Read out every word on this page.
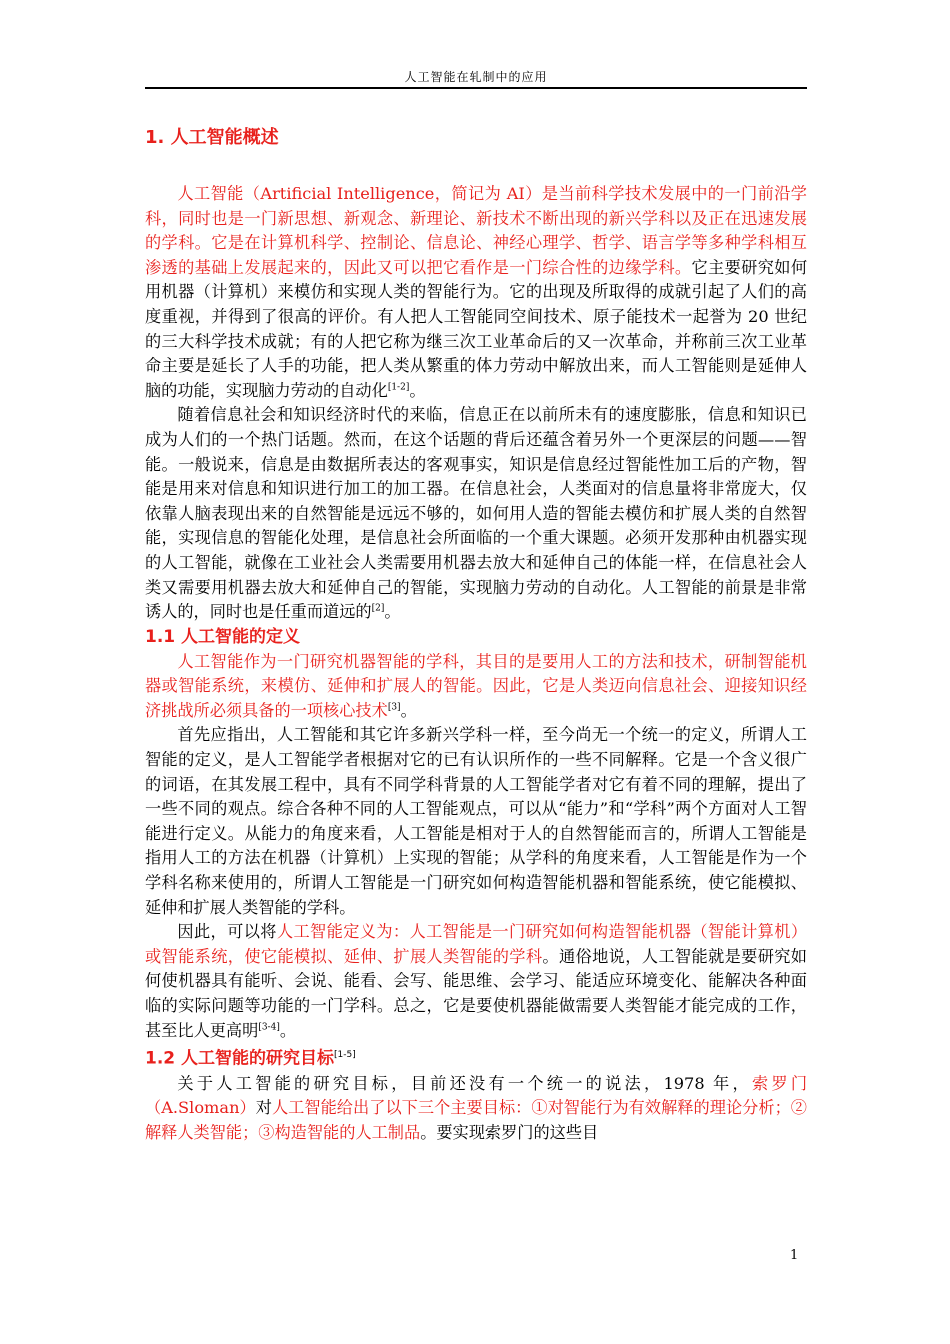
人工智能在轧制中的应用
1. 人工智能概述

人工智能（Artificial Intelligence，简记为 AI）是当前科学技术发展中的一门前沿学科，同时也是一门新思想、新观念、新理论、新技术不断出现的新兴学科以及正在迅速发展的学科。它是在计算机科学、控制论、信息论、神经心理学、哲学、语言学等多种学科相互渗透的基础上发展起来的，因此又可以把它看作是一门综合性的边缘学科。它主要研究如何用机器（计算机）来模仿和实现人类的智能行为。它的出现及所取得的成就引起了人们的高度重视，并得到了很高的评价。有人把人工智能同空间技术、原子能技术一起誉为 20 世纪的三大科学技术成就；有的人把它称为继三次工业革命后的又一次革命，并称前三次工业革命主要是延长了人手的功能，把人类从繁重的体力劳动中解放出来，而人工智能则是延伸人脑的功能，实现脑力劳动的自动化[1-2]。

随着信息社会和知识经济时代的来临，信息正在以前所未有的速度膨胀，信息和知识已成为人们的一个热门话题。然而，在这个话题的背后还蕴含着另外一个更深层的问题——智能。一般说来，信息是由数据所表达的客观事实，知识是信息经过智能性加工后的产物，智能是用来对信息和知识进行加工的加工器。在信息社会，人类面对的信息量将非常庞大，仅依靠人脑表现出来的自然智能是远远不够的，如何用人造的智能去模仿和扩展人类的自然智能，实现信息的智能化处理，是信息社会所面临的一个重大课题。必须开发那种由机器实现的人工智能，就像在工业社会人类需要用机器去放大和延伸自己的体能一样，在信息社会人类又需要用机器去放大和延伸自己的智能，实现脑力劳动的自动化。人工智能的前景是非常诱人的，同时也是任重而道远的[2]。

1.1 人工智能的定义

人工智能作为一门研究机器智能的学科，其目的是要用人工的方法和技术，研制智能机器或智能系统，来模仿、延伸和扩展人的智能。因此，它是人类迈向信息社会、迎接知识经济挑战所必须具备的一项核心技术[3]。

首先应指出，人工智能和其它许多新兴学科一样，至今尚无一个统一的定义，所谓人工智能的定义，是人工智能学者根据对它的已有认识所作的一些不同解释。它是一个含义很广的词语，在其发展工程中，具有不同学科背景的人工智能学者对它有着不同的理解，提出了一些不同的观点。综合各种不同的人工智能观点，可以从“能力”和“学科”两个方面对人工智能进行定义。从能力的角度来看，人工智能是相对于人的自然智能而言的，所谓人工智能是指用人工的方法在机器（计算机）上实现的智能；从学科的角度来看，人工智能是作为一个学科名称来使用的，所谓人工智能是一门研究如何构造智能机器和智能系统，使它能模拟、延伸和扩展人类智能的学科。

因此，可以将人工智能定义为：人工智能是一门研究如何构造智能机器（智能计算机）或智能系统，使它能模拟、延伸、扩展人类智能的学科。通俗地说，人工智能就是要研究如何使机器具有能听、会说、能看、会写、能思维、会学习、能适应环境变化、能解决各种面临的实际问题等功能的一门学科。总之，它是要使机器能做需要人类智能才能完成的工作，甚至比人更高明[3-4]。

1.2 人工智能的研究目标[1-5]

关于人工智能的研究目标，目前还没有一个统一的说法，1978 年，索罗门（A.Sloman）对人工智能给出了以下三个主要目标：①对智能行为有效解释的理论分析；②解释人类智能；③构造智能的人工制品。要实现索罗门的这些目

1
